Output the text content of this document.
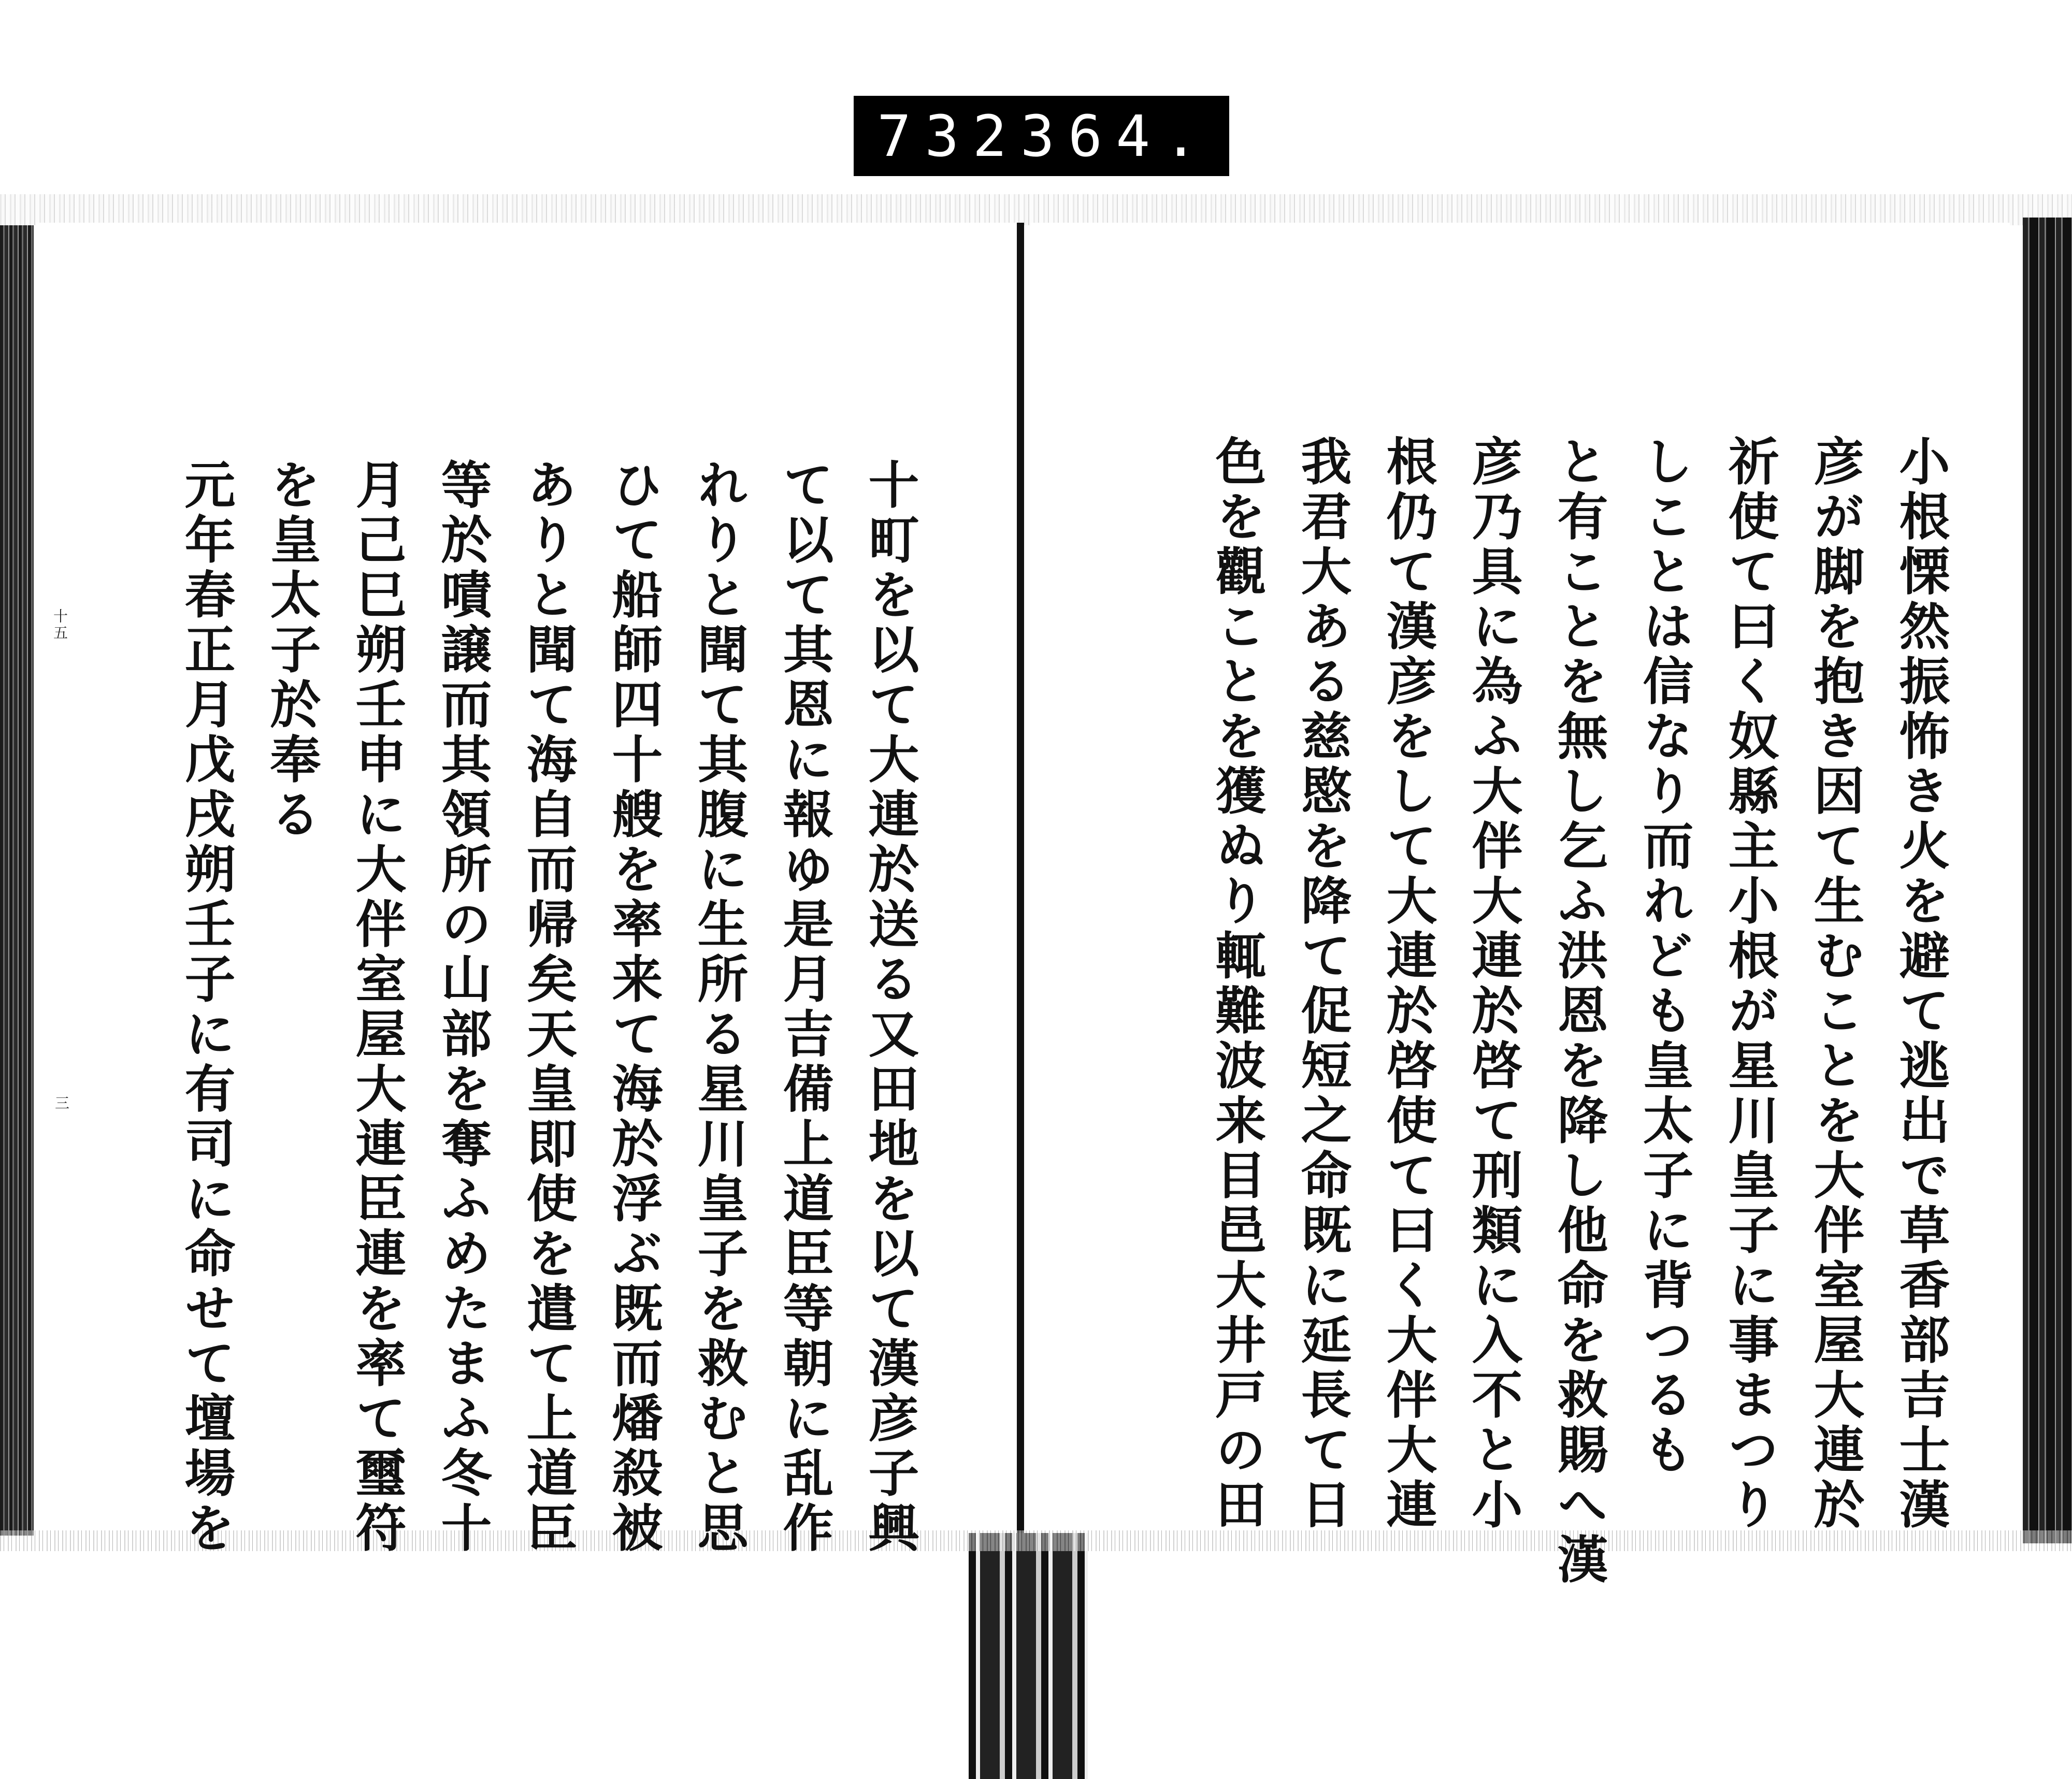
732 364.
十五
三	小根慄然振怖き火を避て逃出で草香部吉士漢
彦が脚を抱き因て生むことを大伴室屋大連於
祈使て曰く奴縣主小根が星川皇子に事まつり
しことは信なり而れども皇太子に背つるも
と有ことを無し乞ふ洪恩を降し他命を救賜へ漢
彦乃具に為ふ大伴大連於啓て刑類に入不と小
根仍て漢彦をして大連於啓使て曰く大伴大連
我君大ある慈愍を降て促短之命既に延長て日
色を觀ことを獲ぬり輒難波来目邑大井戸の田
十町を以て大連於送る又田地を以て漢彦子興
て以て其恩に報ゆ是月吉備上道臣等朝に乱作
れりと聞て其腹に生所る星川皇子を救むと思
ひて船師四十艘を率来て海於浮ぶ既而燔殺被
ありと聞て海自而帰矣天皇即使を遣て上道臣
等於嘖譲而其領所の山部を奪ふめたまふ冬十
月己巳朔壬申に大伴室屋大連臣連を率て璽符
を皇太子於奉る
元年春正月戊戌朔壬子に有司に命せて壇場を
